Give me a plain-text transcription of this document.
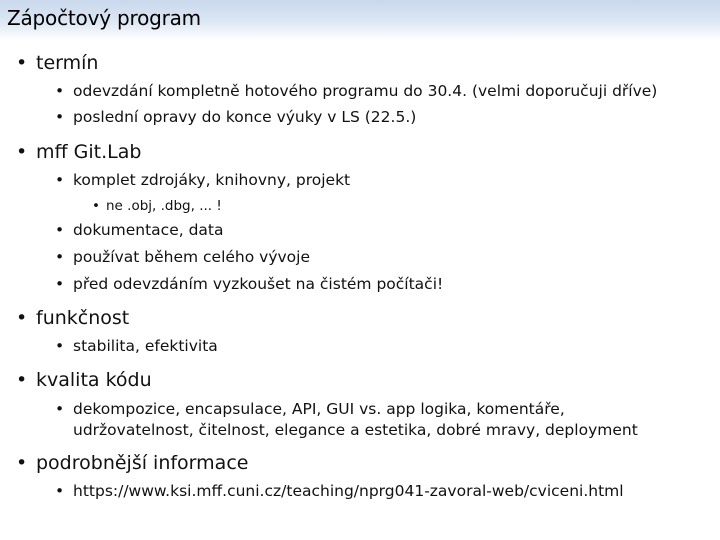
Zápočtový program
• termín
• odevzdání kompletně hotového programu do 30.4. (velmi doporučuji dříve)
• poslední opravy do konce výuky v LS (22.5.)
• mff Git.Lab
• komplet zdrojáky, knihovny, projekt
• ne .obj, .dbg, ... !
• dokumentace, data
• používat během celého vývoje
• před odevzdáním vyzkoušet na čistém počítači!
• funkčnost
• stabilita, efektivita
• kvalita kódu
• dekompozice, encapsulace, API, GUI vs. app logika, komentáře, udržovatelnost, čitelnost, elegance a estetika, dobré mravy, deployment
• podrobnější informace
• https://www.ksi.mff.cuni.cz/teaching/nprg041-zavoral-web/cviceni.html
